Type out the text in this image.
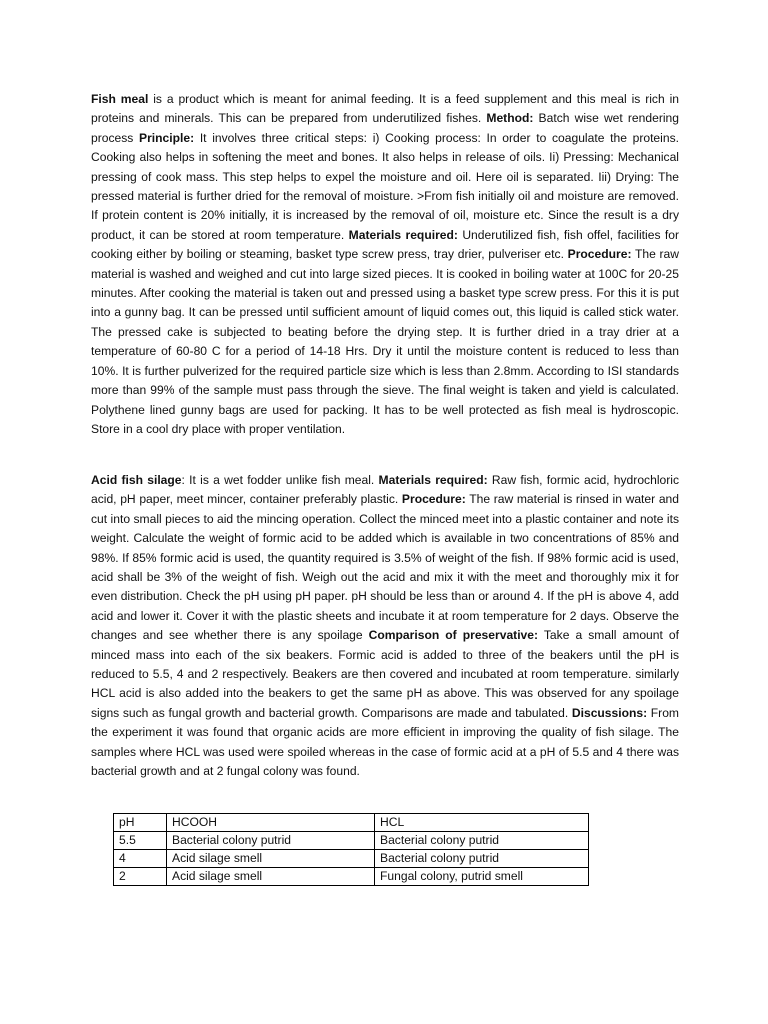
Fish meal is a product which is meant for animal feeding. It is a feed supplement and this meal is rich in proteins and minerals. This can be prepared from underutilized fishes. Method: Batch wise wet rendering process Principle: It involves three critical steps: i) Cooking process: In order to coagulate the proteins. Cooking also helps in softening the meet and bones. It also helps in release of oils. Ii) Pressing: Mechanical pressing of cook mass. This step helps to expel the moisture and oil. Here oil is separated. Iii) Drying: The pressed material is further dried for the removal of moisture. >From fish initially oil and moisture are removed. If protein content is 20% initially, it is increased by the removal of oil, moisture etc. Since the result is a dry product, it can be stored at room temperature. Materials required: Underutilized fish, fish offel, facilities for cooking either by boiling or steaming, basket type screw press, tray drier, pulveriser etc. Procedure: The raw material is washed and weighed and cut into large sized pieces. It is cooked in boiling water at 100C for 20-25 minutes. After cooking the material is taken out and pressed using a basket type screw press. For this it is put into a gunny bag. It can be pressed until sufficient amount of liquid comes out, this liquid is called stick water. The pressed cake is subjected to beating before the drying step. It is further dried in a tray drier at a temperature of 60-80 C for a period of 14-18 Hrs. Dry it until the moisture content is reduced to less than 10%. It is further pulverized for the required particle size which is less than 2.8mm. According to ISI standards more than 99% of the sample must pass through the sieve. The final weight is taken and yield is calculated. Polythene lined gunny bags are used for packing. It has to be well protected as fish meal is hydroscopic. Store in a cool dry place with proper ventilation.

Acid fish silage: It is a wet fodder unlike fish meal. Materials required: Raw fish, formic acid, hydrochloric acid, pH paper, meet mincer, container preferably plastic. Procedure: The raw material is rinsed in water and cut into small pieces to aid the mincing operation. Collect the minced meet into a plastic container and note its weight. Calculate the weight of formic acid to be added which is available in two concentrations of 85% and 98%. If 85% formic acid is used, the quantity required is 3.5% of weight of the fish. If 98% formic acid is used, acid shall be 3% of the weight of fish. Weigh out the acid and mix it with the meet and thoroughly mix it for even distribution. Check the pH using pH paper. pH should be less than or around 4. If the pH is above 4, add acid and lower it. Cover it with the plastic sheets and incubate it at room temperature for 2 days. Observe the changes and see whether there is any spoilage Comparison of preservative: Take a small amount of minced mass into each of the six beakers. Formic acid is added to three of the beakers until the pH is reduced to 5.5, 4 and 2 respectively. Beakers are then covered and incubated at room temperature. similarly HCL acid is also added into the beakers to get the same pH as above. This was observed for any spoilage signs such as fungal growth and bacterial growth. Comparisons are made and tabulated. Discussions: From the experiment it was found that organic acids are more efficient in improving the quality of fish silage. The samples where HCL was used were spoiled whereas in the case of formic acid at a pH of 5.5 and 4 there was bacterial growth and at 2 fungal colony was found.

pH	HCOOH	HCL
5.5	Bacterial colony putrid	Bacterial colony putrid
4	Acid silage smell	Bacterial colony putrid
2	Acid silage smell	Fungal colony, putrid smell
